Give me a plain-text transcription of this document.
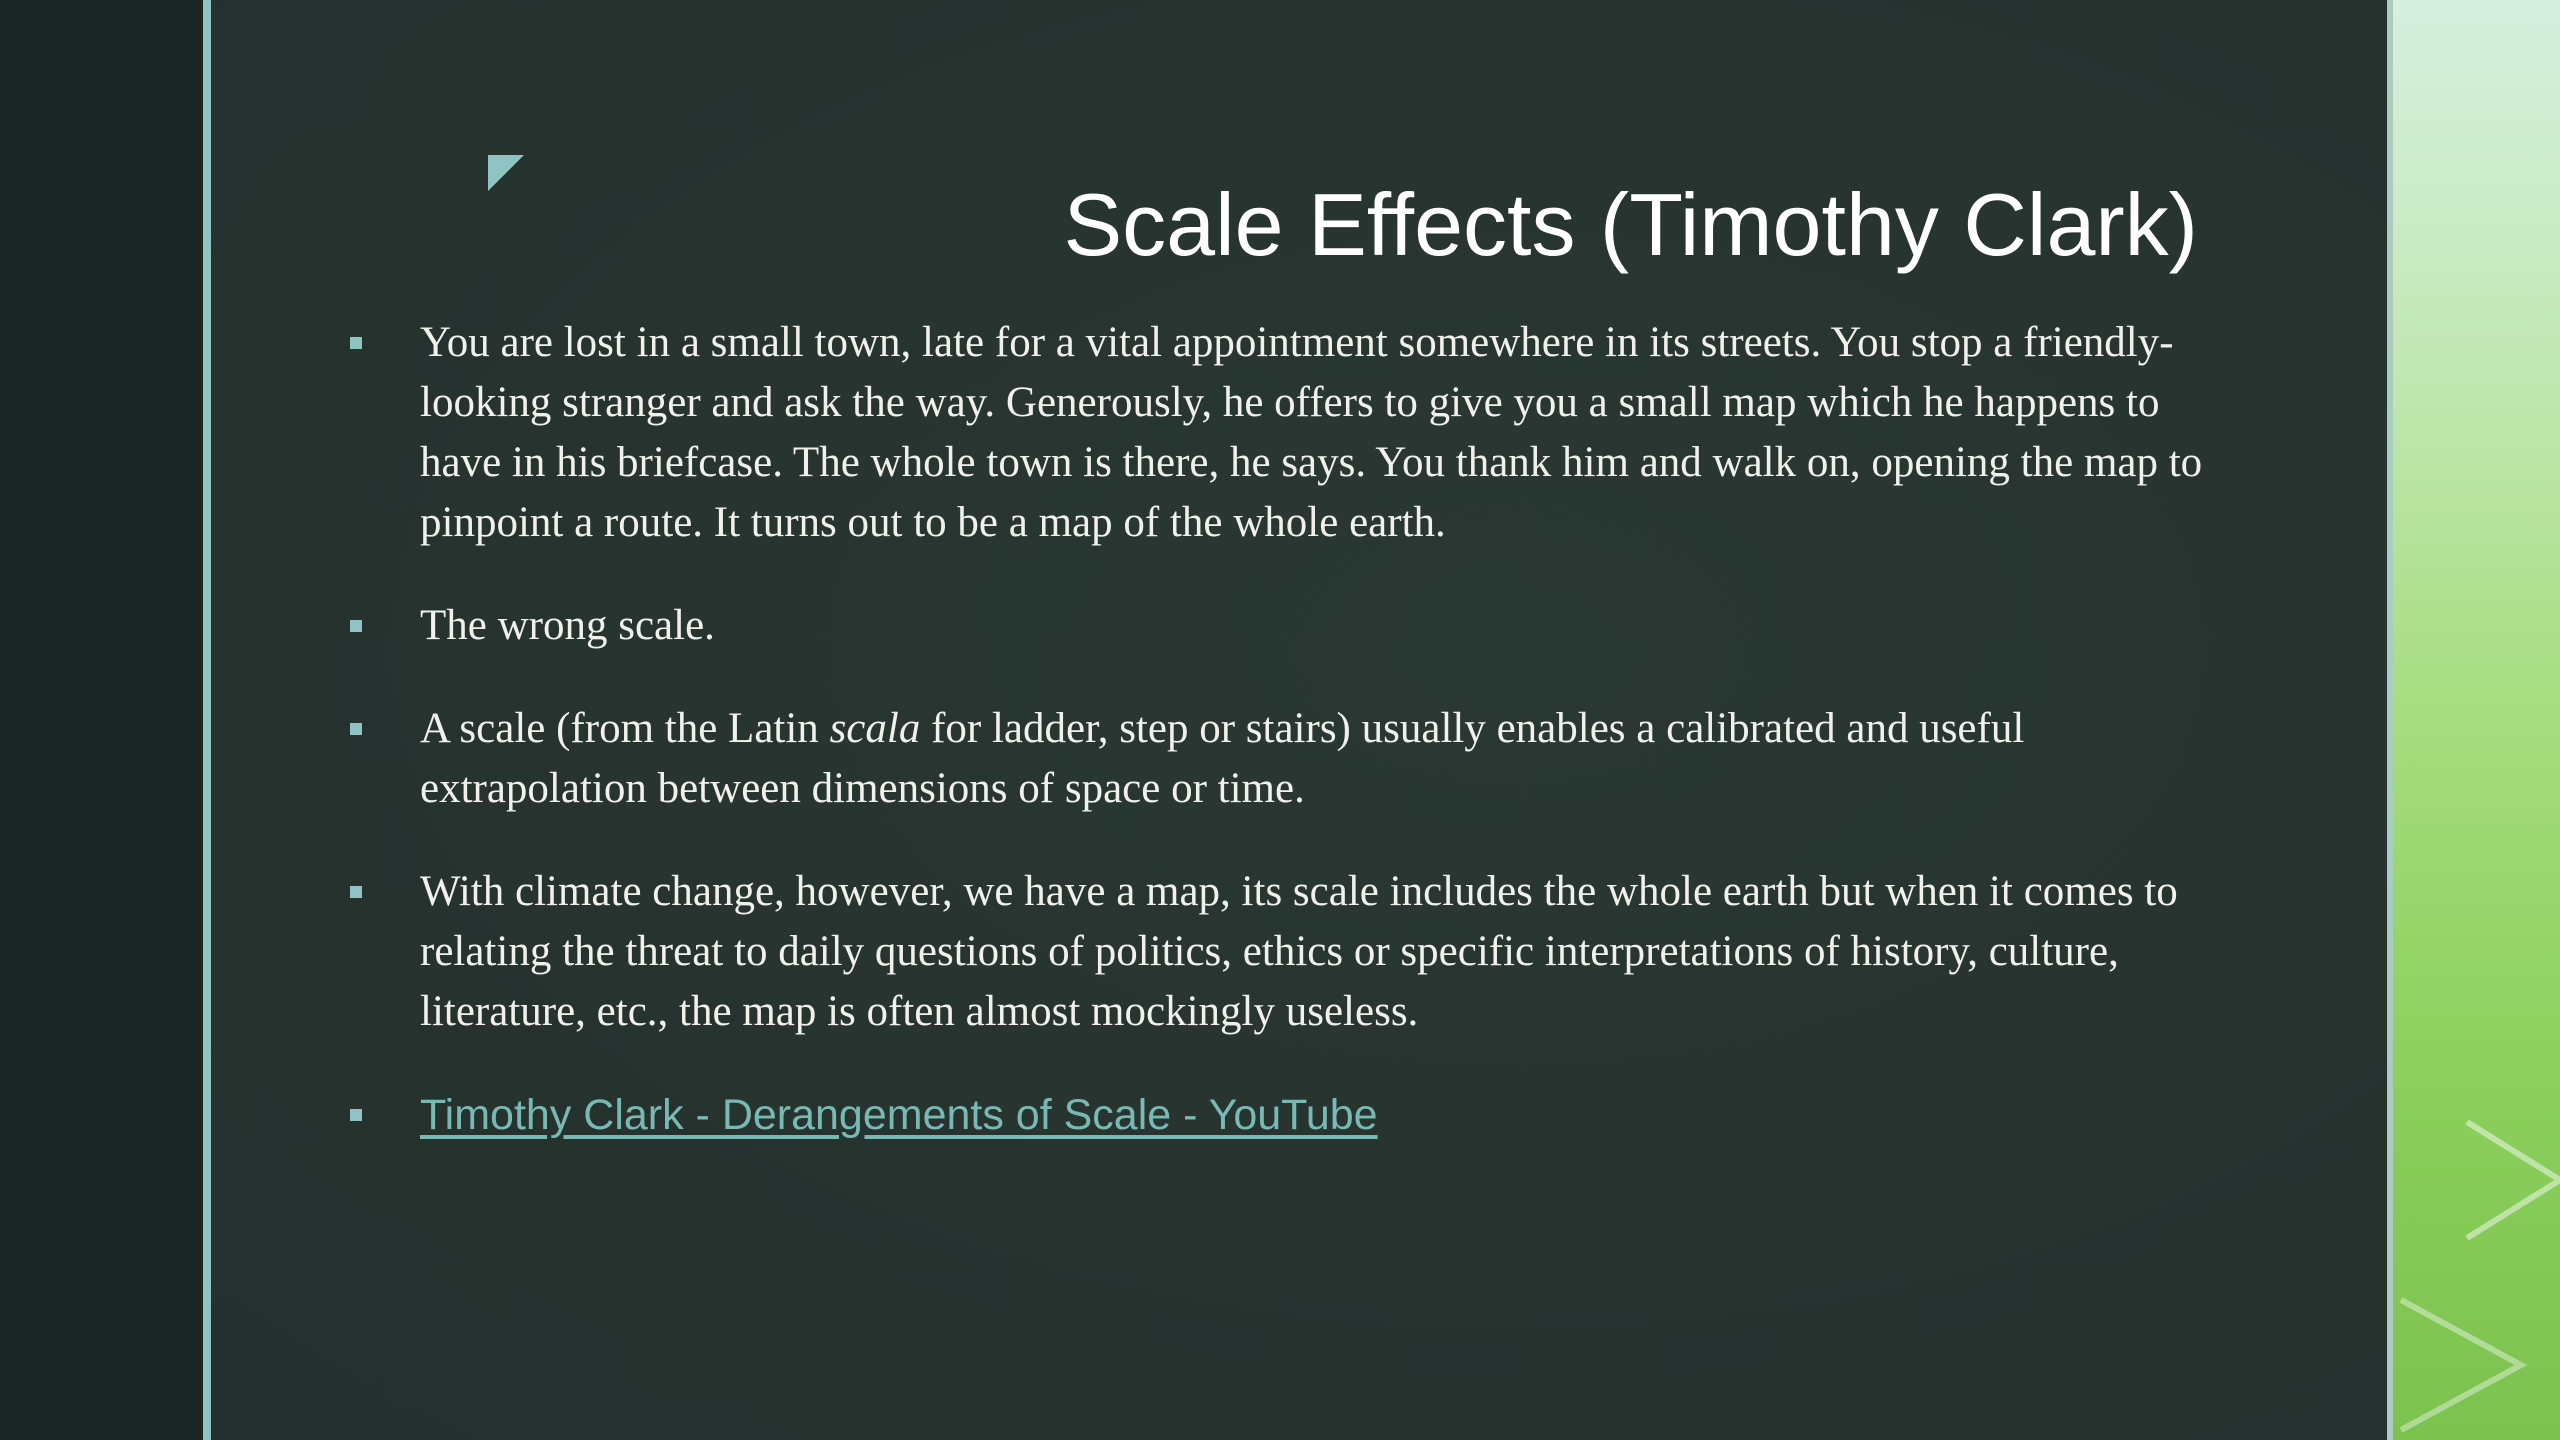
Scale Effects (Timothy Clark)
You are lost in a small town, late for a vital appointment somewhere in its streets. You stop a friendly-looking stranger and ask the way. Generously, he offers to give you a small map which he happens to have in his briefcase. The whole town is there, he says. You thank him and walk on, opening the map to pinpoint a route. It turns out to be a map of the whole earth.
The wrong scale.
A scale (from the Latin scala for ladder, step or stairs) usually enables a calibrated and useful extrapolation between dimensions of space or time.
With climate change, however, we have a map, its scale includes the whole earth but when it comes to relating the threat to daily questions of politics, ethics or specific interpretations of history, culture, literature, etc., the map is often almost mockingly useless.
Timothy Clark - Derangements of Scale - YouTube
